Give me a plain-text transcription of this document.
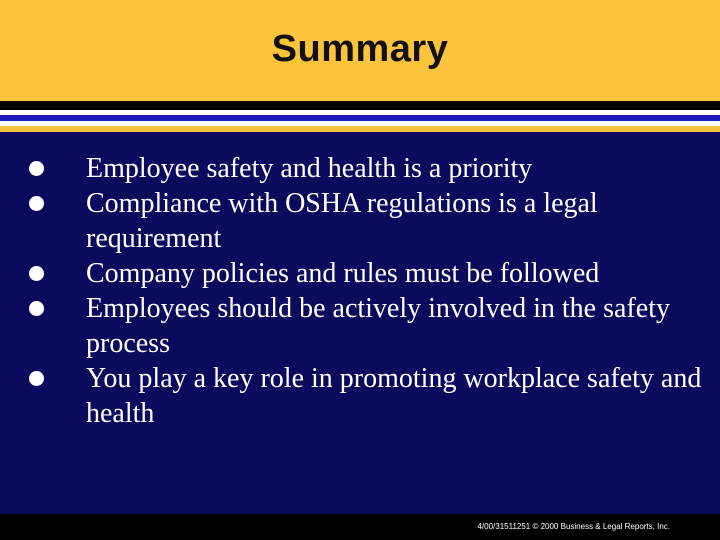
Summary
Employee safety and health is a priority
Compliance with OSHA regulations is a legal requirement
Company policies and rules must be followed
Employees should be actively involved in the safety process
You play a key role in promoting workplace safety and health
4/00/31511251 © 2000 Business & Legal Reports, Inc.
